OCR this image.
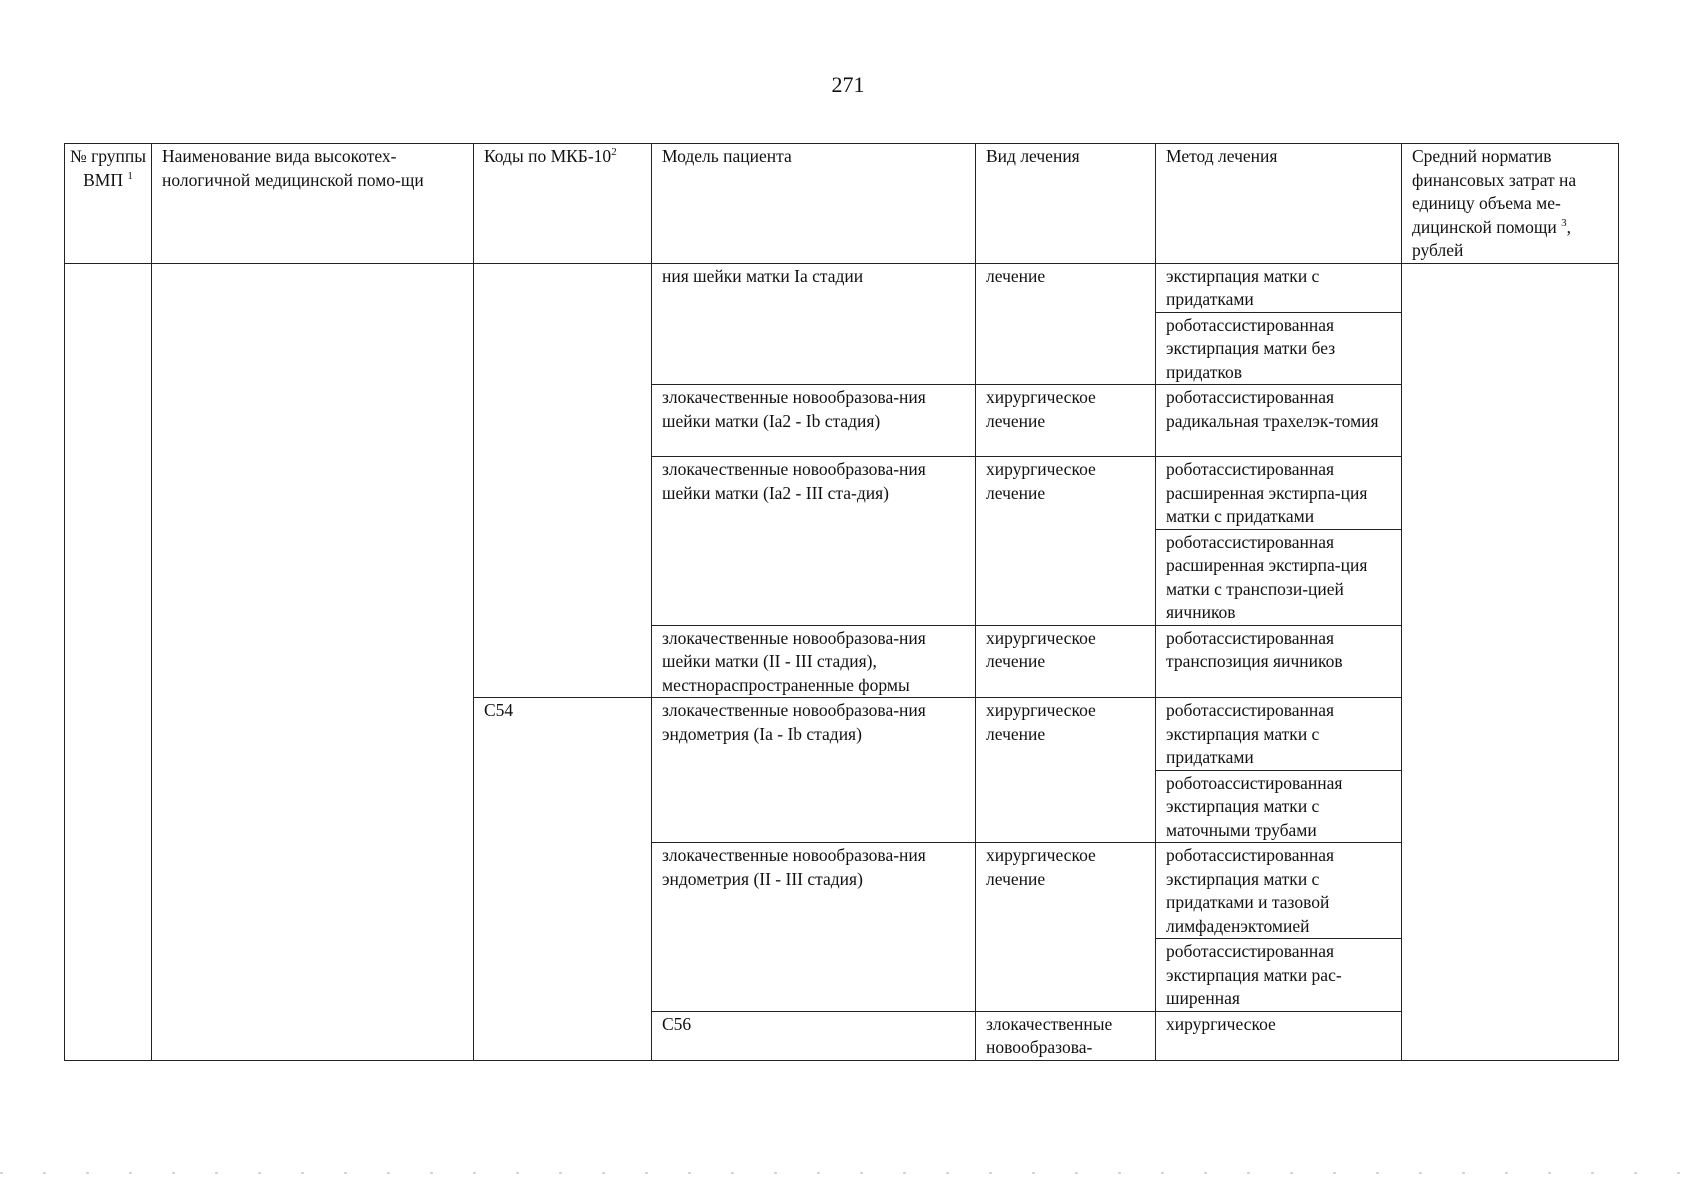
271
№ группы ВМП $^1$	Наименование вида высокотех-нологичной медицинской помо-щи	Коды по МКБ-$10^2$	Модель пациента	Вид лечения	Метод лечения	Средний норматив финансовых затрат на единицу объема ме-дицинской помощи $^3$, рублей	
			ния шейки матки Ia стадии	лечение	экстирпация матки с придатками		
					роботассистированная экстирпация матки без придатков		
			злокачественные новообразова-ния шейки матки (Ia2 - Ib стадия)	хирургическое лечение	роботассистированная радикальная трахелэк-томия		
			злокачественные новообразова-ния шейки матки (Ia2 - III ста-дия)	хирургическое лечение	роботассистированная расширенная экстирпа-ция матки с придатками		
					роботассистированная расширенная экстирпа-ция матки с транспози-цией яичников		
			злокачественные новообразова-ния шейки матки (II - III стадия), местнораспространенные формы	хирургическое лечение	роботассистированная транспозиция яичников		
		C54	злокачественные новообразова-ния эндометрия (Ia - Ib стадия)	хирургическое лечение	роботассистированная экстирпация матки с придатками		
					роботоассистированная экстирпация матки с маточными трубами		
			злокачественные новообразова-ния эндометрия (II - III стадия)	хирургическое лечение	роботассистированная экстирпация матки с придатками и тазовой лимфаденэктомией		
					роботассистированная экстирпация матки рас-ширенная		
			C56	злокачественные новообразова-	хирургическое	
